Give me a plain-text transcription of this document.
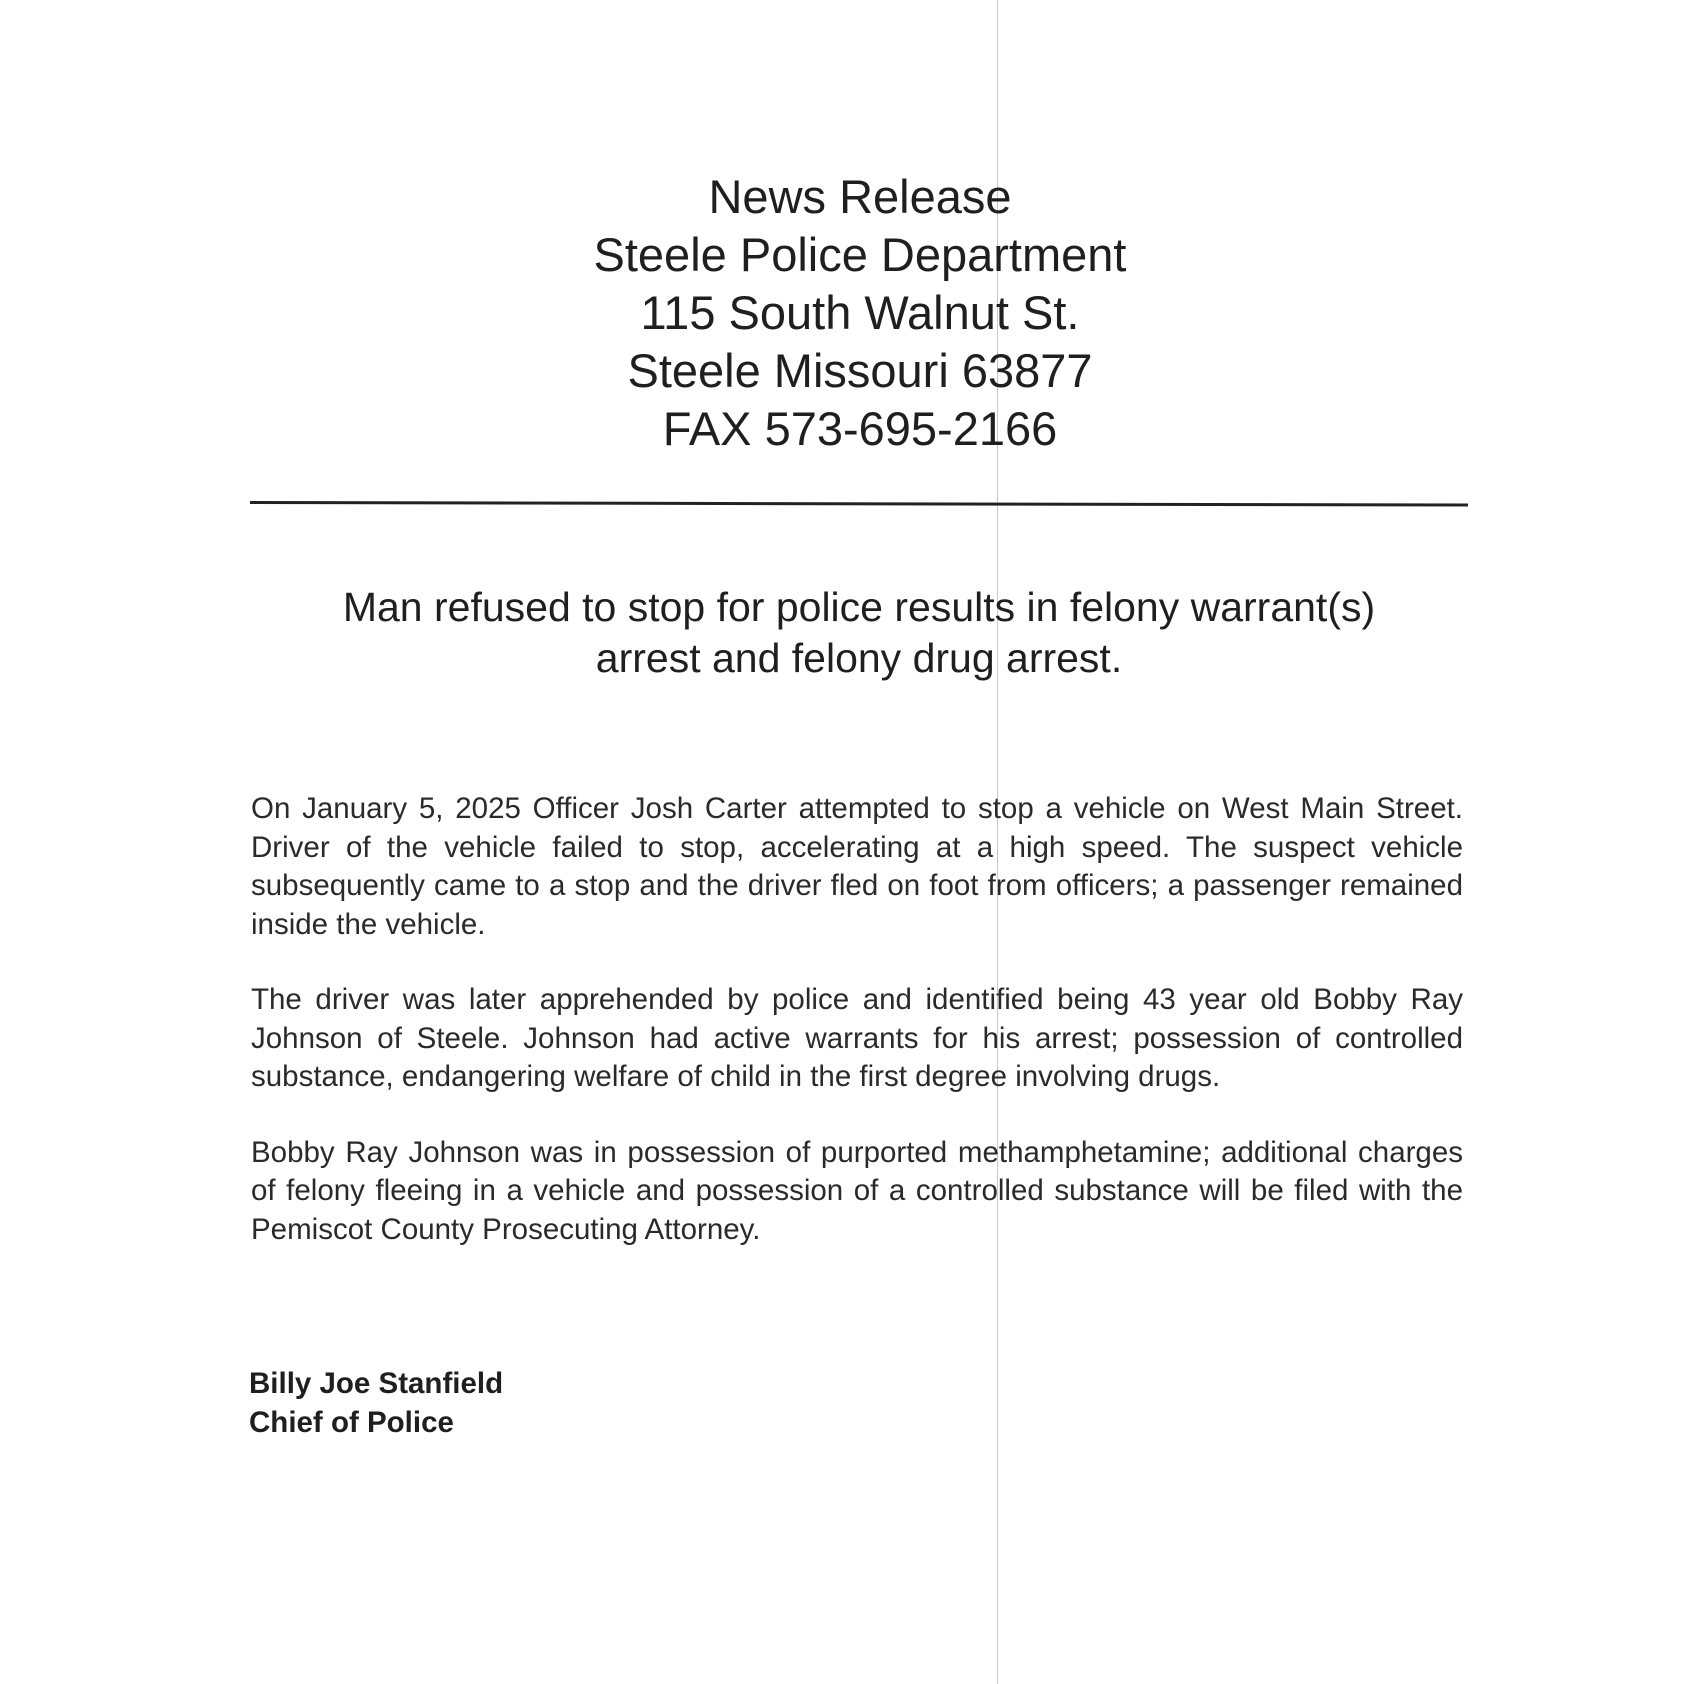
News Release
Steele Police Department
115 South Walnut St.
Steele Missouri 63877
FAX 573-695-2166
Man refused to stop for police results in felony warrant(s)
arrest and felony drug arrest.

On January 5, 2025 Officer Josh Carter attempted to stop a vehicle on West Main Street. Driver of the vehicle failed to stop, accelerating at a high speed. The suspect vehicle subsequently came to a stop and the driver fled on foot from officers; a passenger remained inside the vehicle.

The driver was later apprehended by police and identified being 43 year old Bobby Ray Johnson of Steele. Johnson had active warrants for his arrest; possession of controlled substance, endangering welfare of child in the first degree involving drugs.

Bobby Ray Johnson was in possession of purported methamphetamine; additional charges of felony fleeing in a vehicle and possession of a controlled substance will be filed with the Pemiscot County Prosecuting Attorney.

Billy Joe Stanfield
Chief of Police
